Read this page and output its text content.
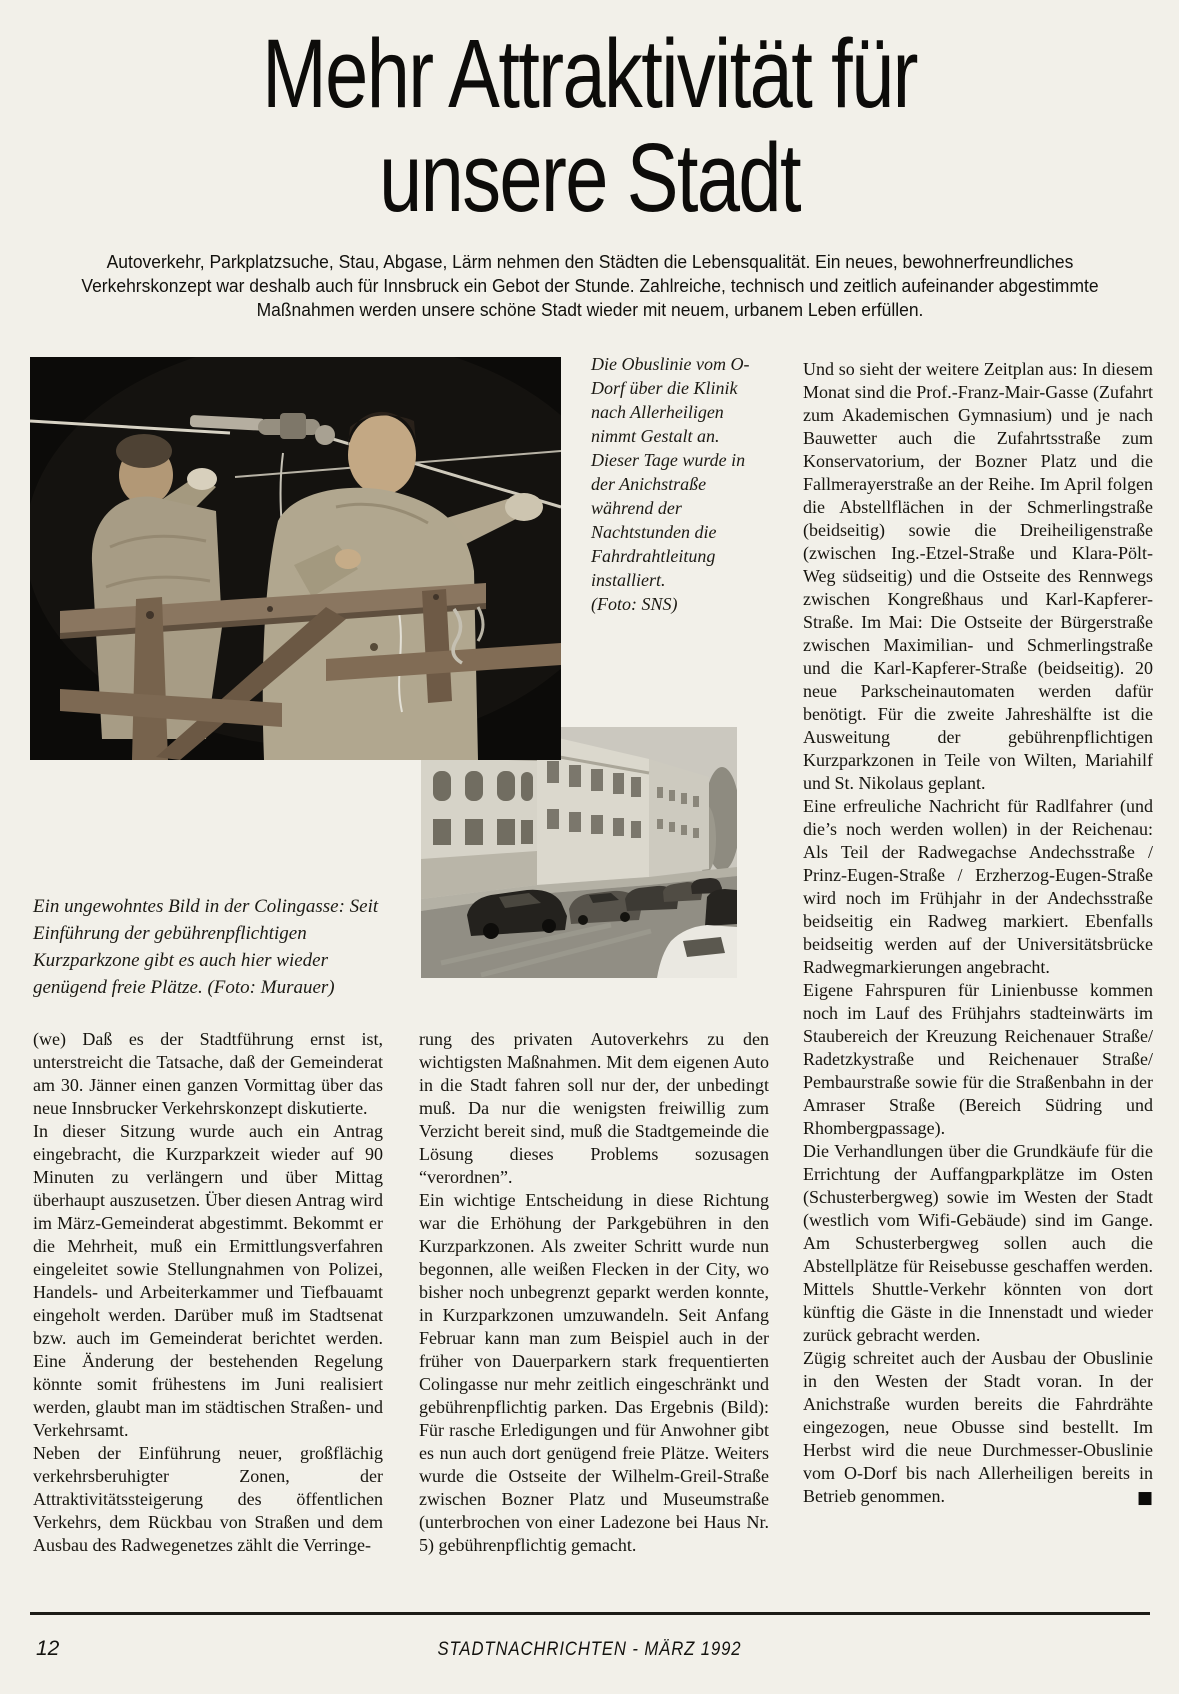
Mehr Attraktivität für
unsere Stadt
Autoverkehr, Parkplatzsuche, Stau, Abgase, Lärm nehmen den Städten die Lebensqualität. Ein neues, bewohnerfreundliches Verkehrskonzept war deshalb auch für Innsbruck ein Gebot der Stunde. Zahlreiche, technisch und zeitlich aufeinander abgestimmte Maßnahmen werden unsere schöne Stadt wieder mit neuem, urbanem Leben erfüllen.
Die Obuslinie vom O-Dorf über die Klinik nach Allerheiligen nimmt Gestalt an. Dieser Tage wurde in der Anichstraße während der Nachtstunden die Fahrdrahtleitung installiert.
(Foto: SNS)
Ein ungewohntes Bild in der Colingasse: Seit Einführung der gebührenpflichtigen Kurzparkzone gibt es auch hier wieder genügend freie Plätze. (Foto: Murauer)

(we) Daß es der Stadtführung ernst ist, unterstreicht die Tatsache, daß der Gemeinderat am 30. Jänner einen ganzen Vormittag über das neue Innsbrucker Verkehrskonzept diskutierte.

In dieser Sitzung wurde auch ein Antrag eingebracht, die Kurzparkzeit wieder auf 90 Minuten zu verlängern und über Mittag überhaupt auszusetzen. Über diesen Antrag wird im März-Gemeinderat abgestimmt. Bekommt er die Mehrheit, muß ein Ermittlungsverfahren eingeleitet sowie Stellungnahmen von Polizei, Handels- und Arbeiterkammer und Tiefbauamt eingeholt werden. Darüber muß im Stadtsenat bzw. auch im Gemeinderat berichtet werden. Eine Änderung der bestehenden Regelung könnte somit frühestens im Juni realisiert werden, glaubt man im städtischen Straßen- und Verkehrsamt.

Neben der Einführung neuer, großflächig verkehrsberuhigter Zonen, der Attraktivitätssteigerung des öffentlichen Verkehrs, dem Rückbau von Straßen und dem Ausbau des Radwegenetzes zählt die Verringe-

rung des privaten Autoverkehrs zu den wichtigsten Maßnahmen. Mit dem eigenen Auto in die Stadt fahren soll nur der, der unbedingt muß. Da nur die wenigsten freiwillig zum Verzicht bereit sind, muß die Stadtgemeinde die Lösung dieses Problems sozusagen “verordnen”.

Ein wichtige Entscheidung in diese Richtung war die Erhöhung der Parkgebühren in den Kurzparkzonen. Als zweiter Schritt wurde nun begonnen, alle weißen Flecken in der City, wo bisher noch unbegrenzt geparkt werden konnte, in Kurzparkzonen umzuwandeln. Seit Anfang Februar kann man zum Beispiel auch in der früher von Dauerparkern stark frequentierten Colingasse nur mehr zeitlich eingeschränkt und gebührenpflichtig parken. Das Ergebnis (Bild): Für rasche Erledigungen und für Anwohner gibt es nun auch dort genügend freie Plätze. Weiters wurde die Ostseite der Wilhelm-Greil-Straße zwischen Bozner Platz und Museumstraße (unterbrochen von einer Ladezone bei Haus Nr. 5) gebührenpflichtig gemacht.

Und so sieht der weitere Zeitplan aus: In diesem Monat sind die Prof.-Franz-Mair-Gasse (Zufahrt zum Akademischen Gymnasium) und je nach Bauwetter auch die Zufahrtsstraße zum Konservatorium, der Bozner Platz und die Fallmerayerstraße an der Reihe. Im April folgen die Abstellflächen in der Schmerlingstraße (beidseitig) sowie die Dreiheiligenstraße (zwischen Ing.-Etzel-Straße und Klara-Pölt-Weg südseitig) und die Ostseite des Rennwegs zwischen Kongreßhaus und Karl-Kapferer-Straße. Im Mai: Die Ostseite der Bürgerstraße zwischen Maximilian- und Schmerlingstraße und die Karl-Kapferer-Straße (beidseitig). 20 neue Parkscheinautomaten werden dafür benötigt. Für die zweite Jahreshälfte ist die Ausweitung der gebührenpflichtigen Kurzparkzonen in Teile von Wilten, Mariahilf und St. Nikolaus geplant.

Eine erfreuliche Nachricht für Radlfahrer (und die’s noch werden wollen) in der Reichenau: Als Teil der Radwegachse Andechsstraße / Prinz-Eugen-Straße / Erzherzog-Eugen-Straße wird noch im Frühjahr in der Andechsstraße beidseitig ein Radweg markiert. Ebenfalls beidseitig werden auf der Universitätsbrücke Radwegmarkierungen angebracht.

Eigene Fahrspuren für Linienbusse kommen noch im Lauf des Frühjahrs stadteinwärts im Staubereich der Kreuzung Reichenauer Straße/ Radetzkystraße und Reichenauer Straße/ Pembaurstraße sowie für die Straßenbahn in der Amraser Straße (Bereich Südring und Rhombergpassage).

Die Verhandlungen über die Grundkäufe für die Errichtung der Auffangparkplätze im Osten (Schusterbergweg) sowie im Westen der Stadt (westlich vom Wifi-Gebäude) sind im Gange. Am Schusterbergweg sollen auch die Abstellplätze für Reisebusse geschaffen werden. Mittels Shuttle-Verkehr könnten von dort künftig die Gäste in die Innenstadt und wieder zurück gebracht werden.

Zügig schreitet auch der Ausbau der Obuslinie in den Westen der Stadt voran. In der Anichstraße wurden bereits die Fahrdrähte eingezogen, neue Obusse sind bestellt. Im Herbst wird die neue Durchmesser-Obuslinie vom O-Dorf bis nach Allerheiligen bereits in Betrieb genommen.	■

12	STADTNACHRICHTEN - MÄRZ 1992
